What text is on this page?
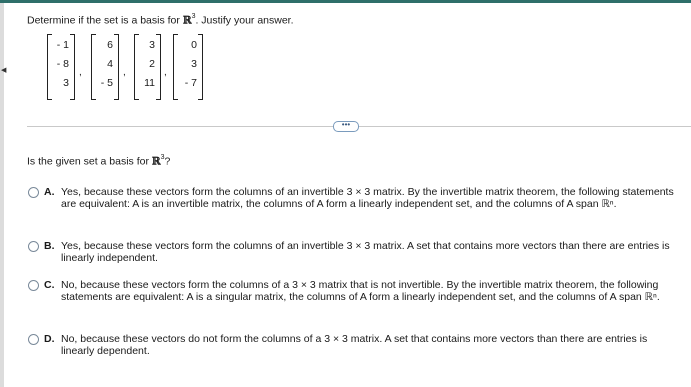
◀
Determine if the set is a basis for ℝ$^3$. Justify your answer.
- 1
- 8
3
,
6
4
- 5
,
3
2
11
,
0
3
- 7
•••
Is the given set a basis for ℝ$^3$?
A. Yes, because these vectors form the columns of an invertible 3 × 3 matrix. By the invertible matrix theorem, the following statements are equivalent: A is an invertible matrix, the columns of A form a linearly independent set, and the columns of A span ℝⁿ.
B. Yes, because these vectors form the columns of an invertible 3 × 3 matrix. A set that contains more vectors than there are entries is linearly independent.
C. No, because these vectors form the columns of a 3 × 3 matrix that is not invertible. By the invertible matrix theorem, the following statements are equivalent: A is a singular matrix, the columns of A form a linearly independent set, and the columns of A span ℝⁿ.
D. No, because these vectors do not form the columns of a 3 × 3 matrix. A set that contains more vectors than there are entries is linearly dependent.
